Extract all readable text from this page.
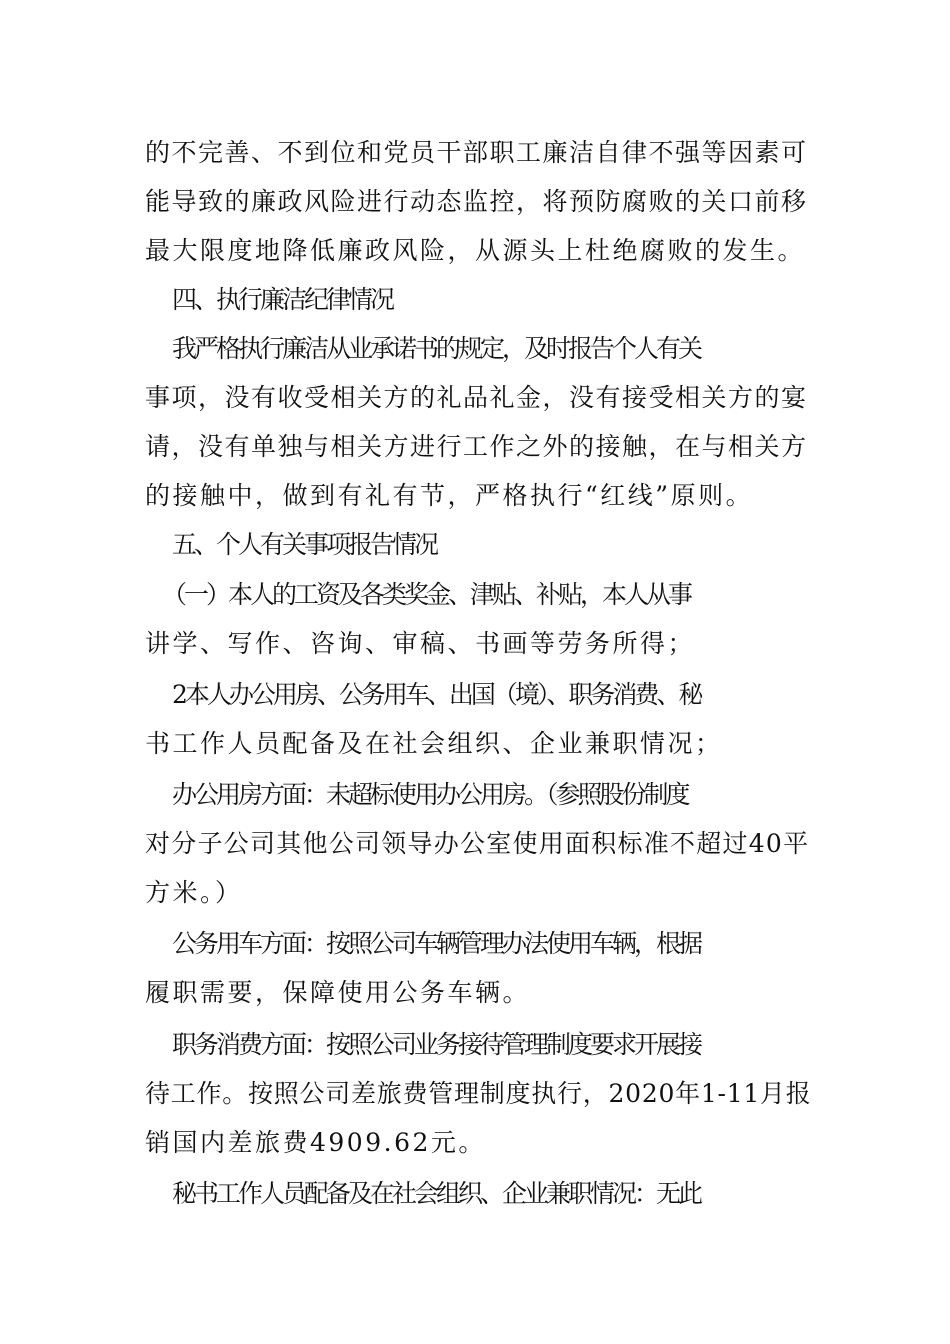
的不完善、不到位和党员干部职工廉洁自律不强等因素可
能导致的廉政风险进行动态监控，将预防腐败的关口前移
最大限度地降低廉政风险，从源头上杜绝腐败的发生。
四、执行廉洁纪律情况
我严格执行廉洁从业承诺书的规定，及时报告个人有关
事项，没有收受相关方的礼品礼金，没有接受相关方的宴
请，没有单独与相关方进行工作之外的接触，在与相关方
的接触中，做到有礼有节，严格执行“红线”原则。
五、个人有关事项报告情况
（一）本人的工资及各类奖金、津贴、补贴，本人从事
讲学、写作、咨询、审稿、书画等劳务所得；
2本人办公用房、公务用车、出国（境）、职务消费、秘
书工作人员配备及在社会组织、企业兼职情况；
办公用房方面：未超标使用办公用房。（参照股份制度
对分子公司其他公司领导办公室使用面积标准不超过40平
方米。）
公务用车方面：按照公司车辆管理办法使用车辆，根据
履职需要，保障使用公务车辆。
职务消费方面：按照公司业务接待管理制度要求开展接
待工作。按照公司差旅费管理制度执行，2020年1-11月报
销国内差旅费4909.62元。
秘书工作人员配备及在社会组织、企业兼职情况：无此
